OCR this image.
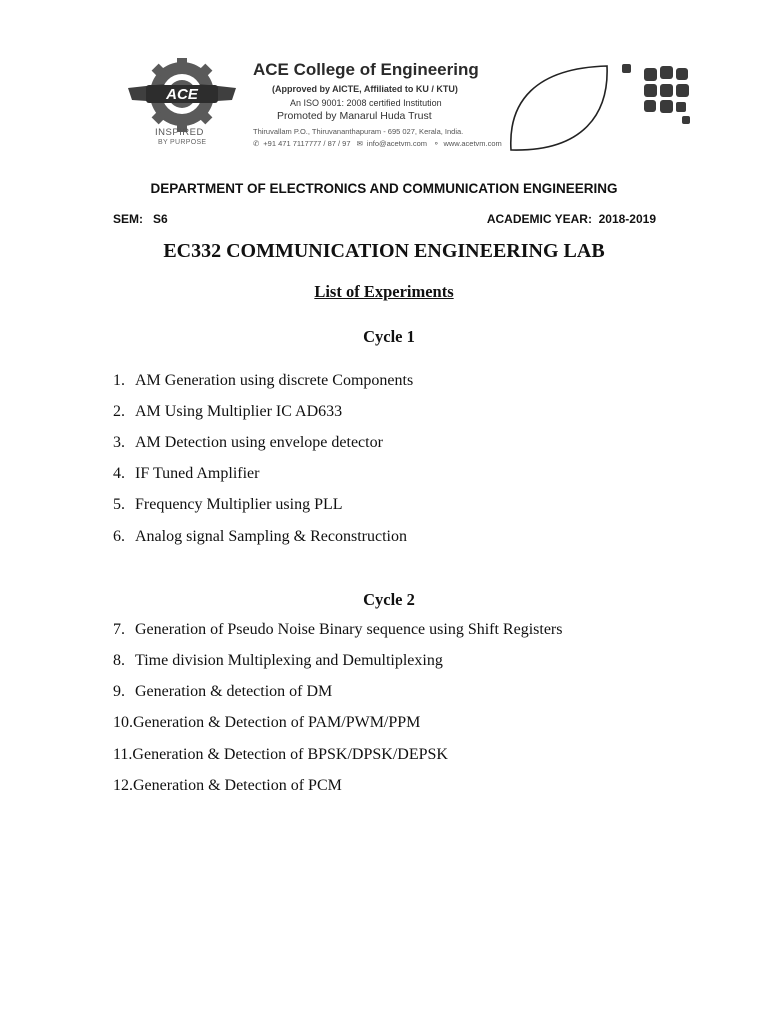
ACE
INSPIRED
BY PURPOSE
ACE College of Engineering
(Approved by AICTE, Affiliated to KU / KTU)
An ISO 9001: 2008 certified Institution
Promoted by Manarul Huda Trust
Thiruvallam P.O., Thiruvananthapuram - 695 027, Kerala, India.
✆ +91 471 7117777 / 87 / 97 ✉ info@acetvm.com ⚬ www.acetvm.com
DEPARTMENT OF ELECTRONICS AND COMMUNICATION ENGINEERING
SEM:   S6	ACADEMIC YEAR:  2018-2019
EC332 COMMUNICATION ENGINEERING LAB
List of Experiments
Cycle 1
1. AM Generation using discrete Components
2. AM Using Multiplier IC AD633
3. AM Detection using envelope detector
4. IF Tuned Amplifier
5. Frequency Multiplier using PLL
6. Analog signal Sampling & Reconstruction
Cycle 2
7. Generation of Pseudo Noise Binary sequence using Shift Registers
8. Time division Multiplexing and Demultiplexing
9. Generation & detection of DM
10.Generation & Detection of PAM/PWM/PPM
11.Generation & Detection of BPSK/DPSK/DEPSK
12.Generation & Detection of PCM
